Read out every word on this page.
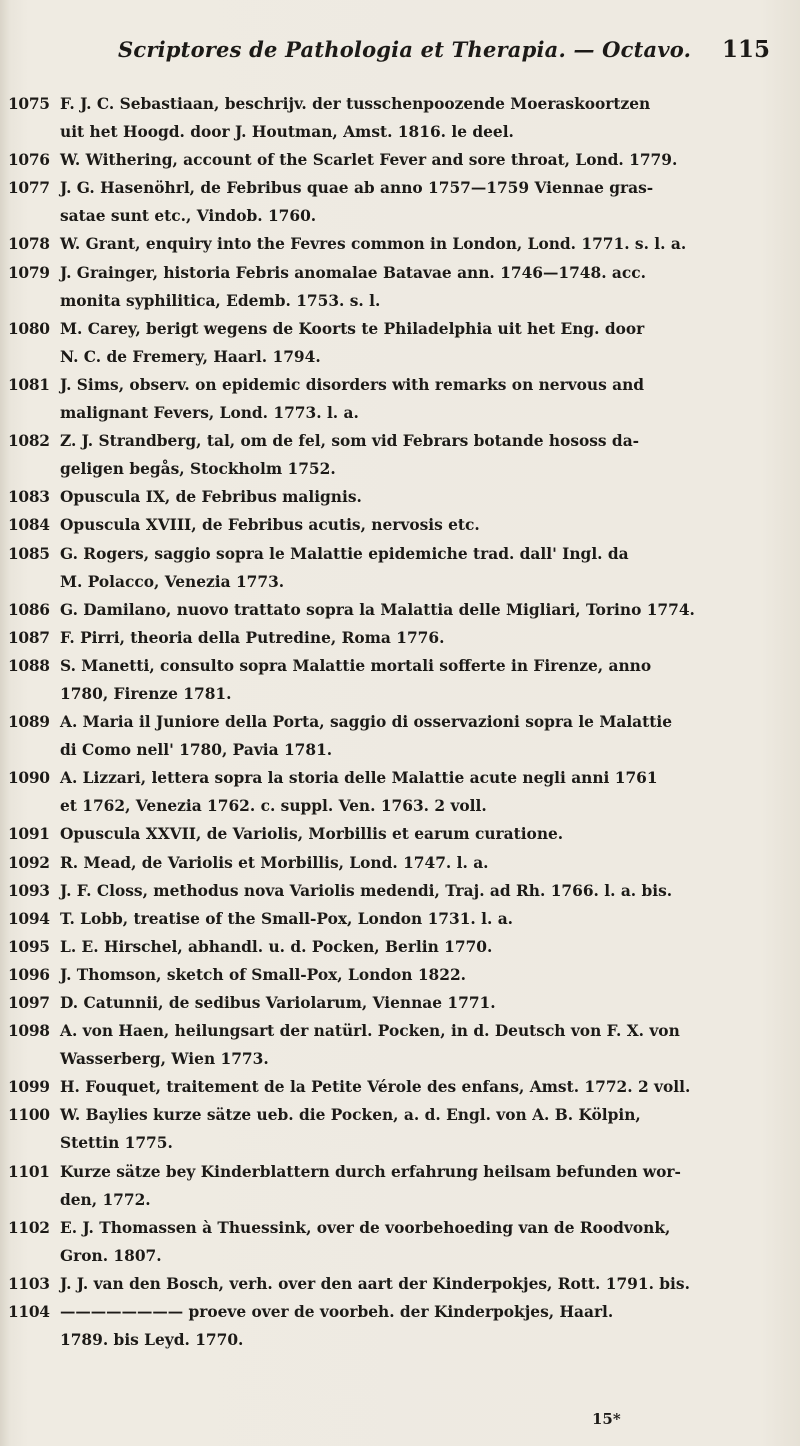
Scriptores de Pathologia et Therapia. — Octavo. 115
1075 F. J. C. Sebastiaan, beschrijv. der tusschenpoozende Moeraskoortzen
uit het Hoogd. door J. Houtman, Amst. 1816. le deel.
1076 W. Withering, account of the Scarlet Fever and sore throat, Lond. 1779.
1077 J. G. Hasenöhrl, de Febribus quae ab anno 1757—1759 Viennae gras-
satae sunt etc., Vindob. 1760.
1078 W. Grant, enquiry into the Fevres common in London, Lond. 1771. s. l. a.
1079 J. Grainger, historia Febris anomalae Batavae ann. 1746—1748. acc.
monita syphilitica, Edemb. 1753. s. l.
1080 M. Carey, berigt wegens de Koorts te Philadelphia uit het Eng. door
N. C. de Fremery, Haarl. 1794.
1081 J. Sims, observ. on epidemic disorders with remarks on nervous and
malignant Fevers, Lond. 1773. l. a.
1082 Z. J. Strandberg, tal, om de fel, som vid Febrars botande hososs da-
geligen begås, Stockholm 1752.
1083 Opuscula IX, de Febribus malignis.
1084 Opuscula XVIII, de Febribus acutis, nervosis etc.
1085 G. Rogers, saggio sopra le Malattie epidemiche trad. dall' Ingl. da
M. Polacco, Venezia 1773.
1086 G. Damilano, nuovo trattato sopra la Malattia delle Migliari, Torino 1774.
1087 F. Pirri, theoria della Putredine, Roma 1776.
1088 S. Manetti, consulto sopra Malattie mortali sofferte in Firenze, anno
1780, Firenze 1781.
1089 A. Maria il Juniore della Porta, saggio di osservazioni sopra le Malattie
di Como nell' 1780, Pavia 1781.
1090 A. Lizzari, lettera sopra la storia delle Malattie acute negli anni 1761
et 1762, Venezia 1762. c. suppl. Ven. 1763. 2 voll.
1091 Opuscula XXVII, de Variolis, Morbillis et earum curatione.
1092 R. Mead, de Variolis et Morbillis, Lond. 1747. l. a.
1093 J. F. Closs, methodus nova Variolis medendi, Traj. ad Rh. 1766. l. a. bis.
1094 T. Lobb, treatise of the Small-Pox, London 1731. l. a.
1095 L. E. Hirschel, abhandl. u. d. Pocken, Berlin 1770.
1096 J. Thomson, sketch of Small-Pox, London 1822.
1097 D. Catunnii, de sedibus Variolarum, Viennae 1771.
1098 A. von Haen, heilungsart der natürl. Pocken, in d. Deutsch von F. X. von
Wasserberg, Wien 1773.
1099 H. Fouquet, traitement de la Petite Vérole des enfans, Amst. 1772. 2 voll.
1100 W. Baylies kurze sätze ueb. die Pocken, a. d. Engl. von A. B. Kölpin,
Stettin 1775.
1101 Kurze sätze bey Kinderblattern durch erfahrung heilsam befunden wor-
den, 1772.
1102 E. J. Thomassen à Thuessink, over de voorbehoeding van de Roodvonk,
Gron. 1807.
1103 J. J. van den Bosch, verh. over den aart der Kinderpokjes, Rott. 1791. bis.
1104 ———————— proeve over de voorbeh. der Kinderpokjes, Haarl.
1789. bis Leyd. 1770.
15*
